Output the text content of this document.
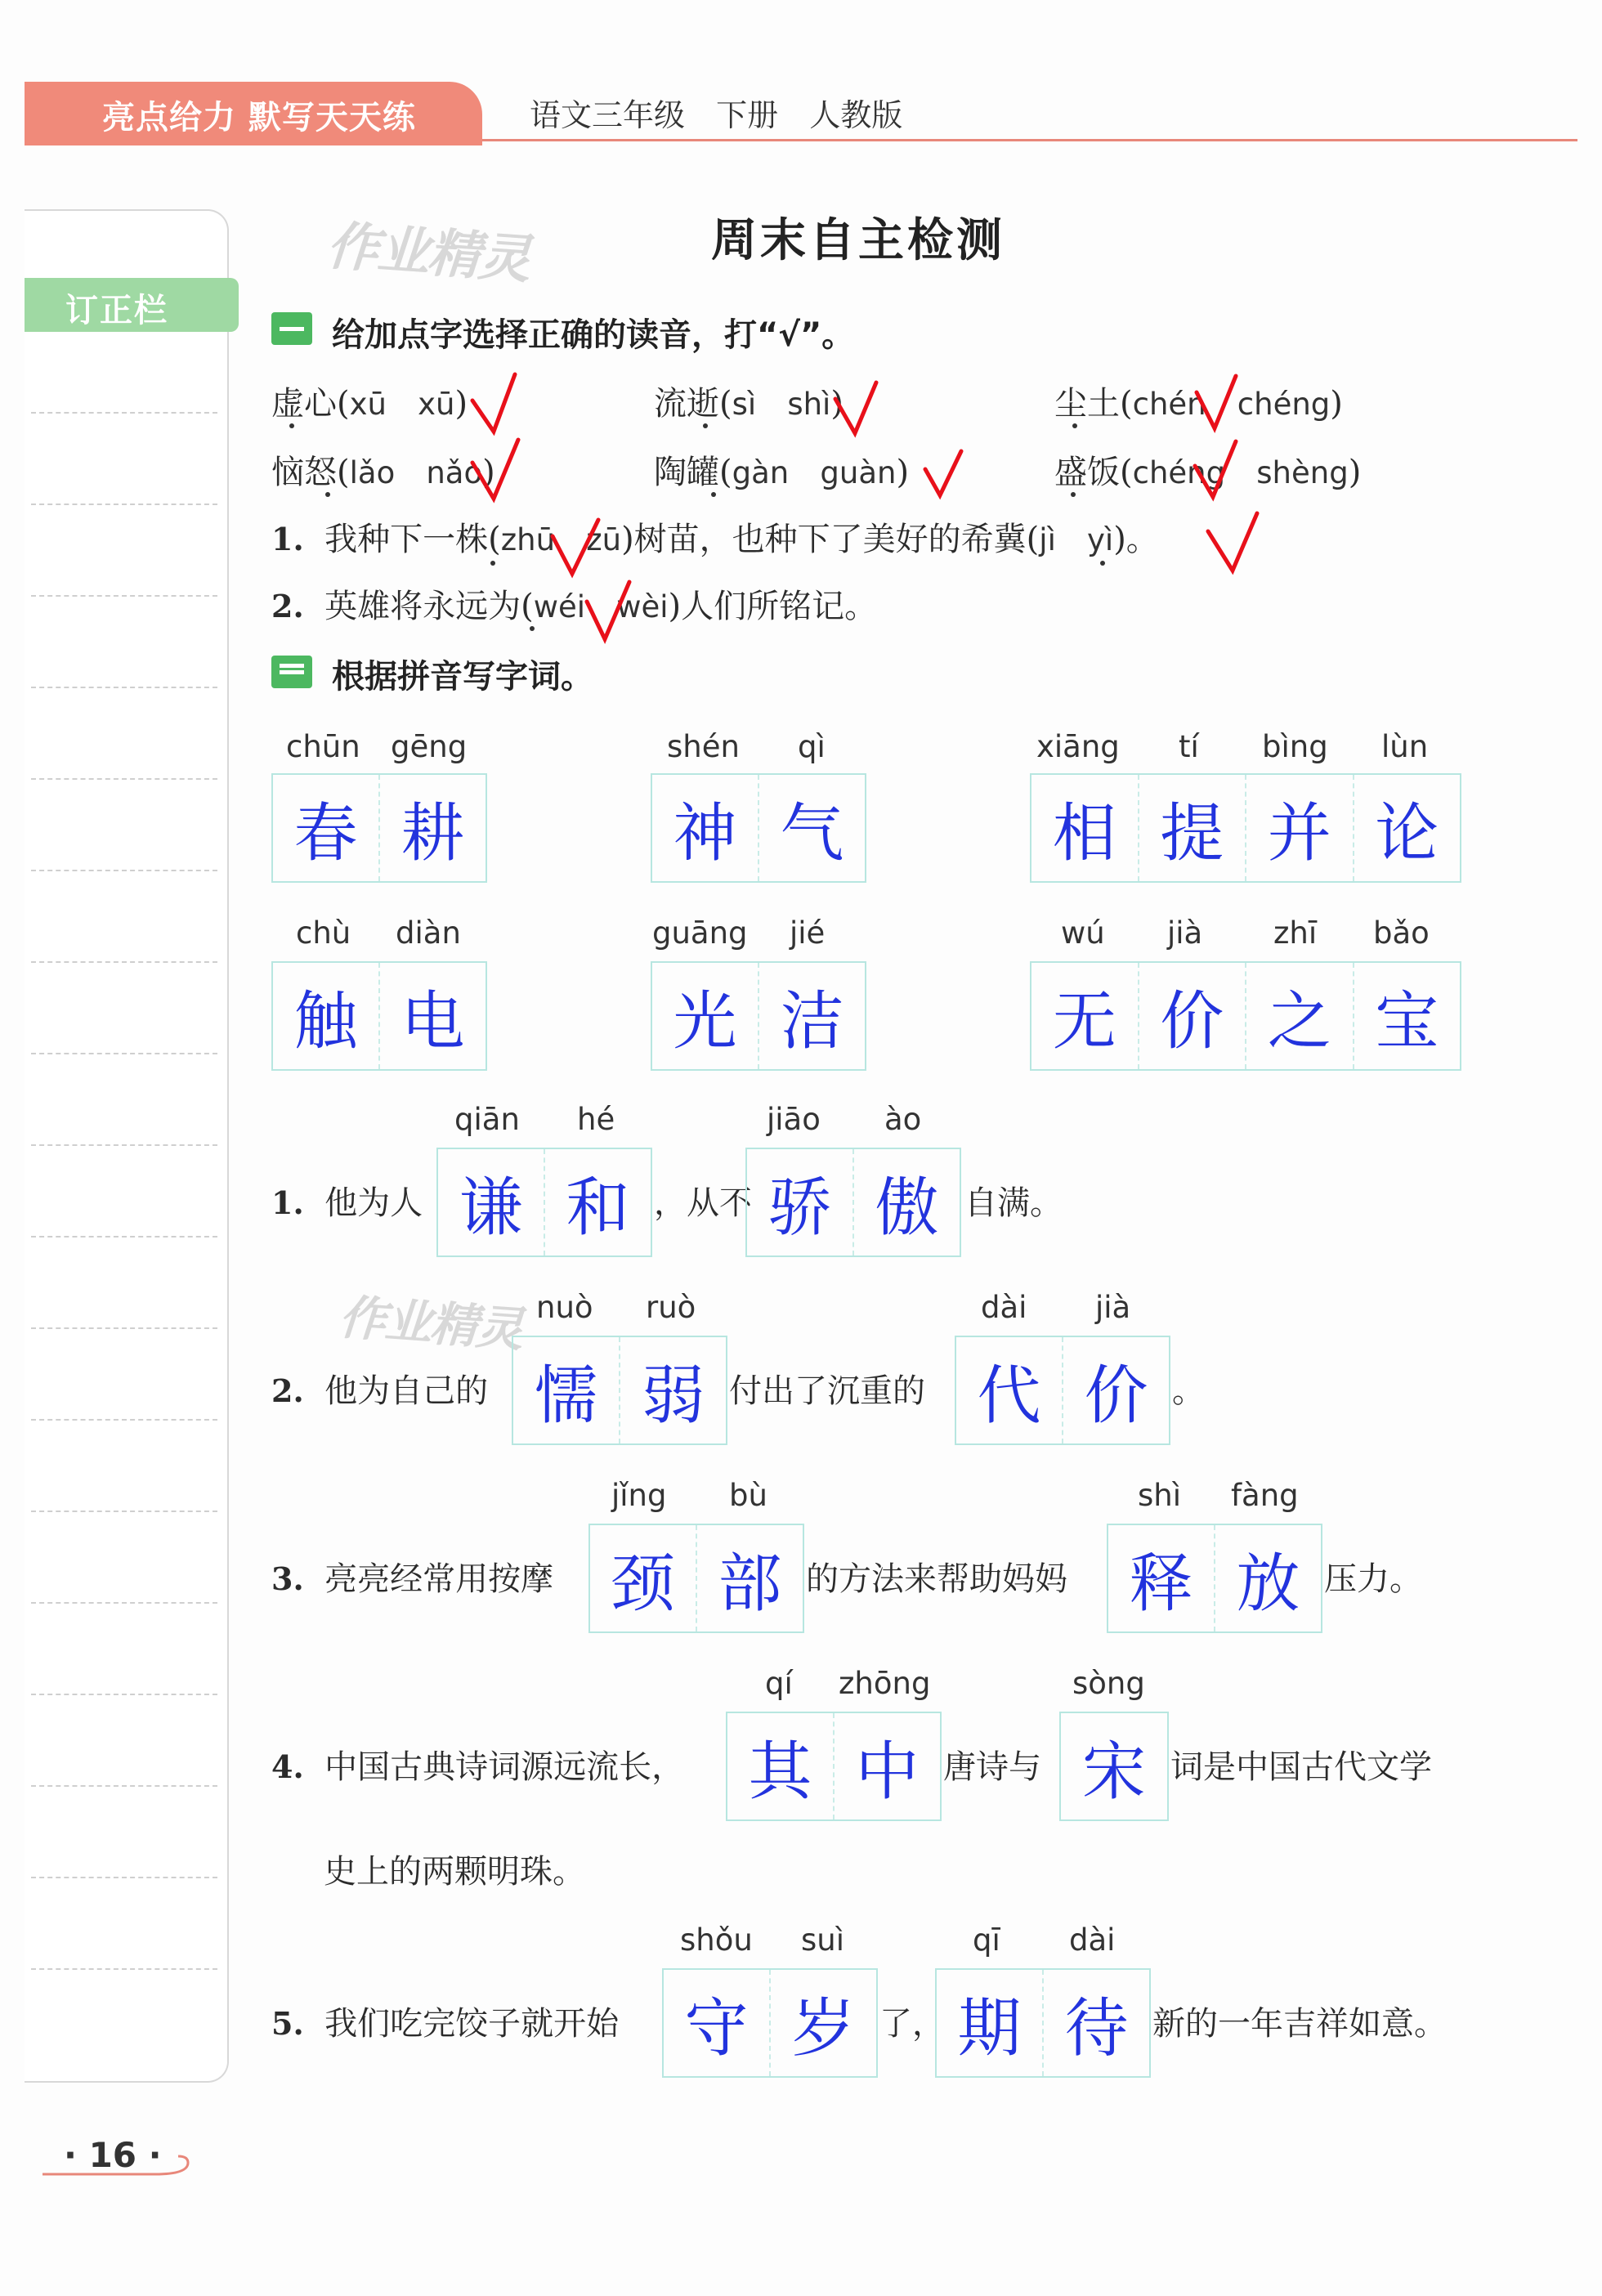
亮点给力 默写天天练	语文三年级 下册 人教版
订正栏
作业精灵
作业精灵
周末自主检测
给加点字选择正确的读音，打“√”。
虚心(xū xū)	流逝(sì shì)	尘土(chén chéng)
恼怒(lǎo nǎo)	陶罐(gàn guàn)	盛饭(chéng shèng)
1. 我种下一株(zhū zū)树苗，也种下了美好的希冀(jì yì)。
2. 英雄将永远为(wéi wèi)人们所铭记。
根据拼音写字词。
chūn gēng
春 耕
shén qì
神 气
xiāng tí bìng lùn
相 提 并 论
chù diàn
触 电
guāng jié
光 洁
wú jià zhī bǎo
无 价 之 宝
1. 他为人
qiān hé
谦 和 ，从不
jiāo ào
骄 傲 自满。
2. 他为自己的
nuò ruò
懦 弱 付出了沉重的
dài jià
代 价 。
3. 亮亮经常用按摩
jǐng bù
颈 部 的方法来帮助妈妈
shì fàng
释 放 压力。
4. 中国古典诗词源远流长，
qí zhōng
其 中 唐诗与
sòng
宋 词是中国古代文学
史上的两颗明珠。
5. 我们吃完饺子就开始
shǒu suì
守 岁 了，
qī dài
期 待 新的一年吉祥如意。
· 16 ·
